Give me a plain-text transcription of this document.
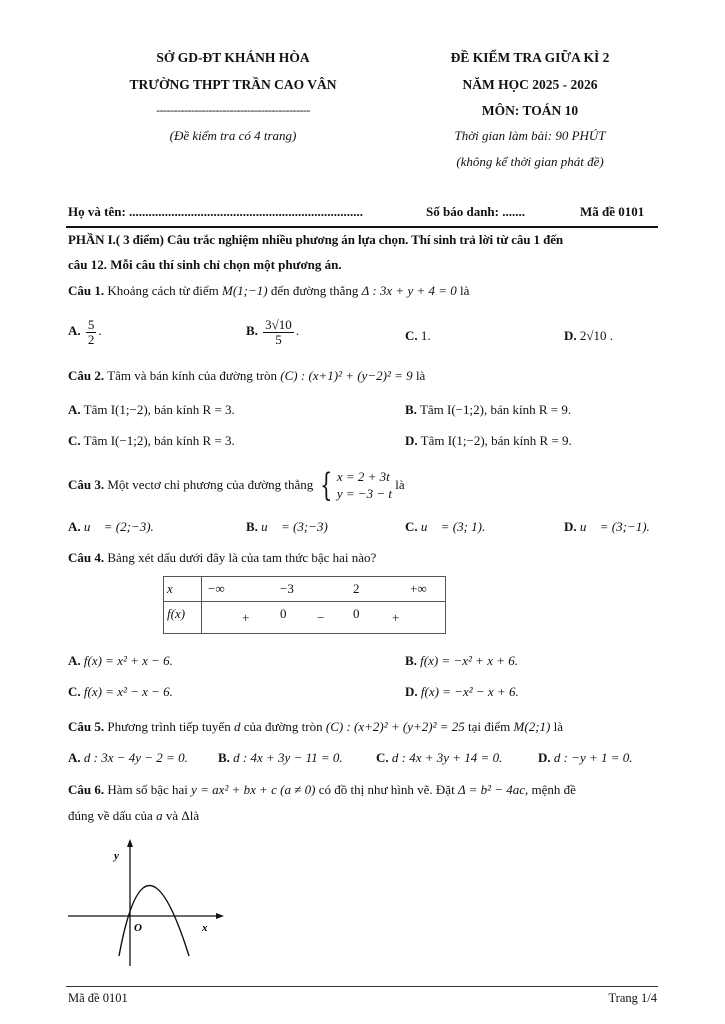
SỞ GD-ĐT KHÁNH HÒA
TRƯỜNG THPT TRẦN CAO VÂN
--------------------------------------------
(Đề kiểm tra có 4 trang)
ĐỀ KIỂM TRA GIỮA KÌ 2
NĂM HỌC 2025 - 2026
MÔN: TOÁN 10
Thời gian làm bài: 90 PHÚT
(không kể thời gian phát đề)
Họ và tên: ........................................................................	Số báo danh: .......	Mã đề 0101
PHẦN I.( 3 điểm) Câu trắc nghiệm nhiều phương án lựa chọn. Thí sinh trả lời từ câu 1 đến
câu 12. Mỗi câu thí sinh chỉ chọn một phương án.
Câu 1. Khoảng cách từ điểm M(1;−1) đến đường thẳng Δ : 3x + y + 4 = 0 là
A. $\frac{5}{2}$ .	B. $\frac{3√10}{5}$ .	C. 1.	D. 2√10 .
Câu 2. Tâm và bán kính của đường tròn (C) : (x+1)² + (y−2)² = 9 là
A. Tâm I(1;−2), bán kính R = 3.	B. Tâm I(−1;2), bán kính R = 9.
C. Tâm I(−1;2), bán kính R = 3.	D. Tâm I(1;−2), bán kính R = 9.
Câu 3.
Một vectơ chỉ phương của đường thẳng
{ x = 2 + 3t
y = −3 − t

là
A. u⃗ = (2;−3).	B. u⃗ = (3;−3)	C. u⃗ = (3; 1).	D. u⃗ = (3;−1).
Câu 4. Bảng xét dấu dưới đây là của tam thức bậc hai nào?
x	−∞ −3 2 +∞

f(x)	+ 0 − 0 +
A. f(x) = x² + x − 6.	B. f(x) = −x² + x + 6.
C. f(x) = x² − x − 6.	D. f(x) = −x² − x + 6.
Câu 5. Phương trình tiếp tuyến d của đường tròn (C) : (x+2)² + (y+2)² = 25 tại điểm M(2;1) là
A. d : 3x − 4y − 2 = 0. B. d : 4x + 3y − 11 = 0.	C. d : 4x + 3y + 14 = 0.	D. d : −y + 1 = 0.
Câu 6. Hàm số bậc hai y = ax² + bx + c (a ≠ 0) có đồ thị như hình vẽ. Đặt Δ = b² − 4ac, mệnh đề
đúng về dấu của a và Δlà
y
x
O
Mã đề 0101	Trang 1/4
